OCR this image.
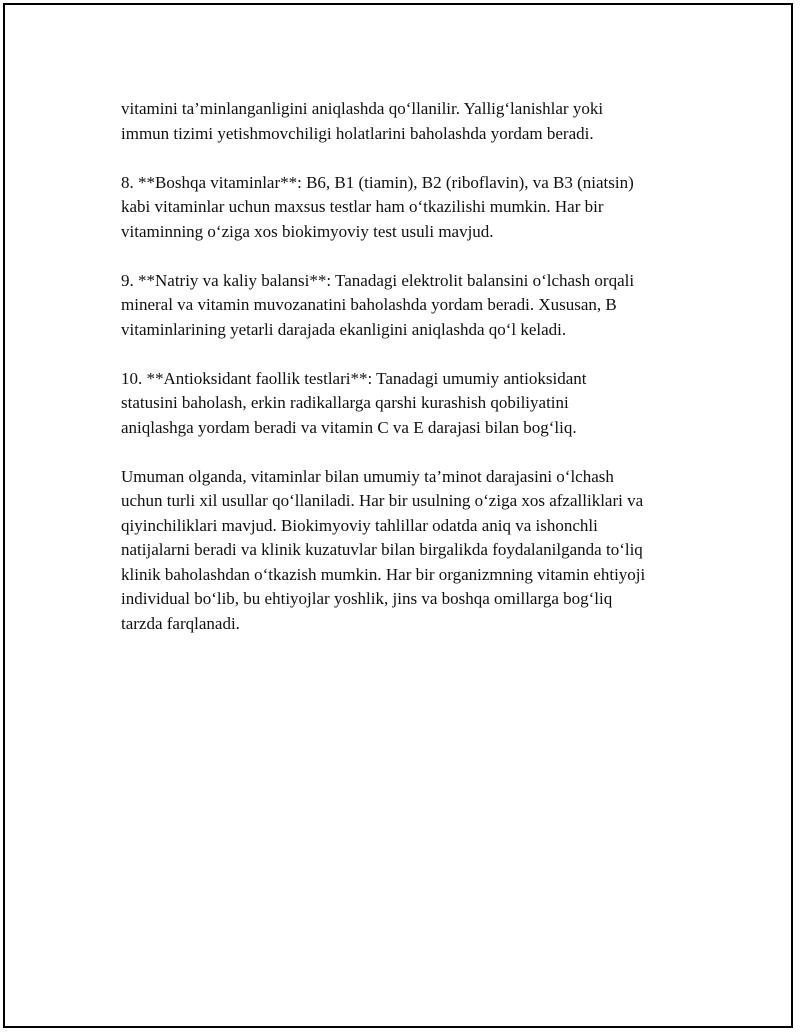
vitamini ta’minlanganligini aniqlashda qo‘llanilir. Yallig‘lanishlar yoki
immun tizimi yetishmovchiligi holatlarini baholashda yordam beradi.

8. **Boshqa vitaminlar**: B6, B1 (tiamin), B2 (riboflavin), va B3 (niatsin)
kabi vitaminlar uchun maxsus testlar ham o‘tkazilishi mumkin. Har bir
vitaminning o‘ziga xos biokimyoviy test usuli mavjud.

9. **Natriy va kaliy balansi**: Tanadagi elektrolit balansini o‘lchash orqali
mineral va vitamin muvozanatini baholashda yordam beradi. Xususan, B
vitaminlarining yetarli darajada ekanligini aniqlashda qo‘l keladi.

10. **Antioksidant faollik testlari**: Tanadagi umumiy antioksidant
statusini baholash, erkin radikallarga qarshi kurashish qobiliyatini
aniqlashga yordam beradi va vitamin C va E darajasi bilan bog‘liq.

Umuman olganda, vitaminlar bilan umumiy ta’minot darajasini o‘lchash
uchun turli xil usullar qo‘llaniladi. Har bir usulning o‘ziga xos afzalliklari va
qiyinchiliklari mavjud. Biokimyoviy tahlillar odatda aniq va ishonchli
natijalarni beradi va klinik kuzatuvlar bilan birgalikda foydalanilganda to‘liq
klinik baholashdan o‘tkazish mumkin. Har bir organizmning vitamin ehtiyoji
individual bo‘lib, bu ehtiyojlar yoshlik, jins va boshqa omillarga bog‘liq
tarzda farqlanadi.
